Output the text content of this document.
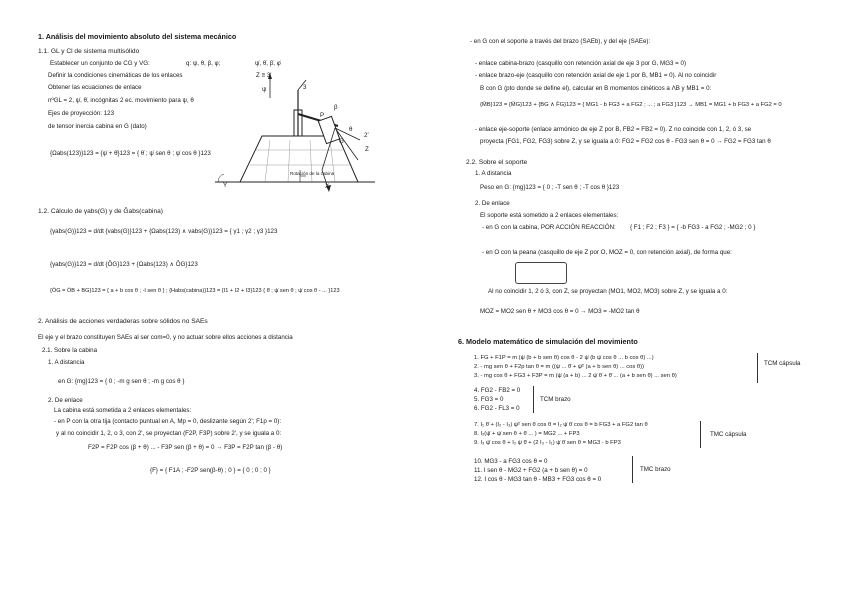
1. Análisis del movimiento absoluto del sistema mecánico
1.1. GL y Cl de sistema multisólido
Establecer un conjunto de CG y VG:	q: ψ, θ, β, φ;	ψ̇, θ̇, β̇, φ̇
Definir la condiciones cinemáticas de los enlaces
Obtener las ecuaciones de enlace
nºGL = 2, ψ̇, θ̇, incógnitas 2 ec. movimiento para ψ, θ
Ejes de proyección: 123
de tensor inercia cabina en G (dato)
{Ωabs(123)}123 = {ψ̇ + θ̇}123 = { θ̇ ; ψ̇ sen θ ; ψ̇ cos θ }123
Z ≡ 3'
ψ	3
2'
Z
X
Y
β
θ
P
G
Rotación de la cabina
1.2. Cálculo de γabs(G) y de Ḡabs(cabina)
{γabs(G)}123 = d/dt {vabs(G)}123 + {Ωabs(123) ∧ vabs(G)}123 = { γ1 ; γ2 ; γ3 }123
{γabs(G)}123 = d/dt {ŌG}123 + {Ωabs(123) ∧ ŌG}123
{ŌG = ŌB + BG}123 = { a + b cos θ ; -l sen θ } ; {Habs(cabina)}123 = {I1 + I2 + I3}123 { θ̇ ; ψ̇ sen θ ; ψ̇ cos θ - ... }123
2. Análisis de acciones verdaderas sobre sólidos no SAEs
El eje y el brazo constituyen SAEs al ser com=0, y no actuar sobre ellos acciones a distancia
2.1. Sobre la cabina
1. A distancia
en G: {mg}123 = { 0 ; -m g sen θ ; -m g cos θ }
2. De enlace
La cabina está sometida a 2 enlaces elementales:
- en P con la otra tija (contacto puntual en A, Mp = 0, deslizante según 2'; F1p = 0):
y al no coincidir 1, 2, o 3, con 2', se proyectan (F2P, F3P) sobre 2', y se iguala a 0:
F2P = F2P cos (β + θ) ... - F3P sen (β + θ) = 0 → F3P = F2P tan (β - θ)
{F} = { F1A ; -F2P sen(β-θ) ; 0 } = { 0 ; 0 ; 0 }
- en G con el soporte a través del brazo (SAEb), y del eje (SAEe):
- enlace cabina-brazo (casquillo con retención axial de eje 3 por G, MG3 = 0)
- enlace brazo-eje (casquillo con retención axial de eje 1 por B, MB1 = 0). Al no coincidir
B con G (pto donde se define el), calcular en B momentos cinéticos a ΛB y MB1 = 0:
{M̄B}123 = {M̄G}123 + {BG ∧ F̄G}123 = { MG1 - b FG3 + a FG2 ; ... ; a FG3 }123 → MB1 = MG1 + b FG3 + a FG2 = 0
- enlace eje-soporte (enlace armónico de eje Z por B, FB2 = FB2 = 0). Z no coincide con 1, 2, ó 3, se
proyecta (FG1, FG2, FG3) sobre Z, y se iguala a 0: FG2 = FG2 cos θ - FG3 sen θ = 0 → FG2 = FG3 tan θ
2.2. Sobre el soporte
1. A distancia
Peso en G: {mg}123 = { 0 ; -T sen θ ; -T cos θ }123
2. De enlace
El soporte está sometido a 2 enlaces elementales:
- en G con la cabina, POR ACCIÓN REACCIÓN: { F1 ; F2 ; F3 } = { -b FG3 - a FG2 ; -MG2 ; 0 }
- en O con la peana (casquillo de eje Z por O, MOZ = 0, con retención axial), de forma que:
Al no coincidir 1, 2 ó 3, con Z, se proyectan (MO1, MO2, MO3) sobre Z, y se iguala a 0:
MOZ = MO2 sen θ + MO3 cos θ = 0 → MO3 = -MO2 tan θ
6. Modelo matemático de simulación del movimiento
1. FG + F1P = m (ψ̇ (b + b sen θ) cos θ - 2 ψ̇ (b ψ̇ cos θ ... b cos θ) ...)
2. - mg sen θ + F2p tan θ = m ((ψ̇ ... θ̈ + ψ̈² (a + b sen θ) ... cos θ))
3. - mg cos θ + FG3 + F3P = m (ψ̇ (a + b) ... 2 ψ̇ θ̇ + θ̈ ... (a + b sen θ) ... sen θ)
TCM cápsula
4. FG2 - FB2 = 0
5. FG3 = 0
6. FG2 - FL3 = 0
TCM brazo
7. I₁ θ̈ + (I₂ - I₃) ψ̇² sen θ cos θ = I₂ ψ̇ θ̇ cos θ = b FG3 + a FG2 tan θ
8. I₂(ψ̈ + ψ̇ sen θ + θ̇ ... ) = MG2 ... + FP3
9. I₃ ψ̈ cos θ + I₂ ψ̇ θ̇ + (2 I₃ - I₁) ψ̇ θ̇ sen θ = MG3 - b FP3
TMC cápsula
10. MG3 - a FG3 cos θ = 0
11. I sen θ - MG2 + FG2 (a + b sen θ) = 0
12. I cos θ - MG3 tan θ - MB3 + FG3 cos θ = 0
TMC brazo
